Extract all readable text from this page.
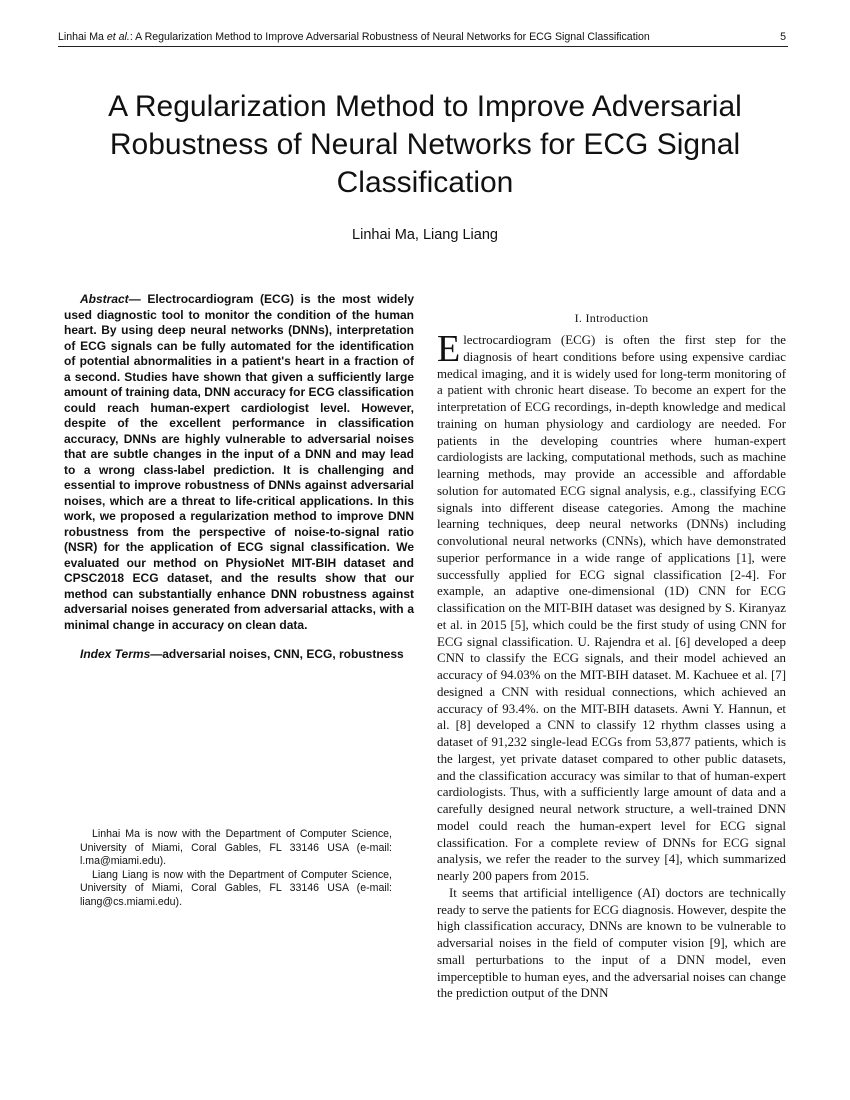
Linhai Ma et al.: A Regularization Method to Improve Adversarial Robustness of Neural Networks for ECG Signal Classification	5
A Regularization Method to Improve Adversarial Robustness of Neural Networks for ECG Signal Classification
Linhai Ma, Liang Liang

Abstract— Electrocardiogram (ECG) is the most widely used diagnostic tool to monitor the condition of the human heart. By using deep neural networks (DNNs), interpretation of ECG signals can be fully automated for the identification of potential abnormalities in a patient's heart in a fraction of a second. Studies have shown that given a sufficiently large amount of training data, DNN accuracy for ECG classification could reach human-expert cardiologist level. However, despite of the excellent performance in classification accuracy, DNNs are highly vulnerable to adversarial noises that are subtle changes in the input of a DNN and may lead to a wrong class-label prediction. It is challenging and essential to improve robustness of DNNs against adversarial noises, which are a threat to life-critical applications. In this work, we proposed a regularization method to improve DNN robustness from the perspective of noise-to-signal ratio (NSR) for the application of ECG signal classification. We evaluated our method on PhysioNet MIT-BIH dataset and CPSC2018 ECG dataset, and the results show that our method can substantially enhance DNN robustness against adversarial noises generated from adversarial attacks, with a minimal change in accuracy on clean data.

Index Terms—adversarial noises, CNN, ECG, robustness

Linhai Ma is now with the Department of Computer Science, University of Miami, Coral Gables, FL 33146 USA (e-mail: l.ma@miami.edu).

Liang Liang is now with the Department of Computer Science, University of Miami, Coral Gables, FL 33146 USA (e-mail: liang@cs.miami.edu).

I. Introduction

Electrocardiogram (ECG) is often the first step for the diagnosis of heart conditions before using expensive cardiac medical imaging, and it is widely used for long-term monitoring of a patient with chronic heart disease. To become an expert for the interpretation of ECG recordings, in-depth knowledge and medical training on human physiology and cardiology are needed. For patients in the developing countries where human-expert cardiologists are lacking, computational methods, such as machine learning methods, may provide an accessible and affordable solution for automated ECG signal analysis, e.g., classifying ECG signals into different disease categories. Among the machine learning techniques, deep neural networks (DNNs) including convolutional neural networks (CNNs), which have demonstrated superior performance in a wide range of applications [1], were successfully applied for ECG signal classification [2-4]. For example, an adaptive one-dimensional (1D) CNN for ECG classification on the MIT-BIH dataset was designed by S. Kiranyaz et al. in 2015 [5], which could be the first study of using CNN for ECG signal classification. U. Rajendra et al. [6] developed a deep CNN to classify the ECG signals, and their model achieved an accuracy of 94.03% on the MIT-BIH dataset. M. Kachuee et al. [7] designed a CNN with residual connections, which achieved an accuracy of 93.4%. on the MIT-BIH datasets. Awni Y. Hannun, et al. [8] developed a CNN to classify 12 rhythm classes using a dataset of 91,232 single-lead ECGs from 53,877 patients, which is the largest, yet private dataset compared to other public datasets, and the classification accuracy was similar to that of human-expert cardiologists. Thus, with a sufficiently large amount of data and a carefully designed neural network structure, a well-trained DNN model could reach the human-expert level for ECG signal classification. For a complete review of DNNs for ECG signal analysis, we refer the reader to the survey [4], which summarized nearly 200 papers from 2015.

It seems that artificial intelligence (AI) doctors are technically ready to serve the patients for ECG diagnosis. However, despite the high classification accuracy, DNNs are known to be vulnerable to adversarial noises in the field of computer vision [9], which are small perturbations to the input of a DNN model, even imperceptible to human eyes, and the adversarial noises can change the prediction output of the DNN
